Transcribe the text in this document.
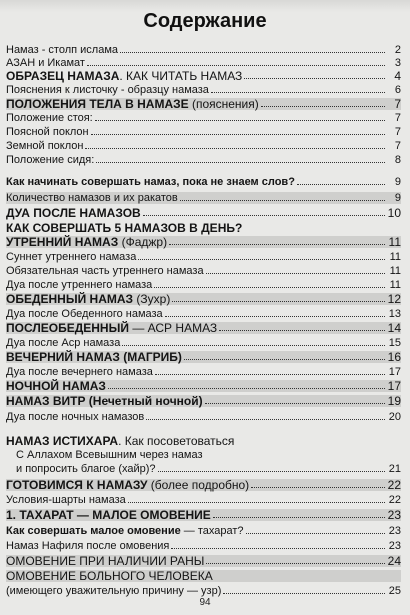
Содержание
Намаз - столп ислама	2
АЗАН и Икамат	3
ОБРАЗЕЦ НАМАЗА. КАК ЧИТАТЬ НАМАЗ	4
Пояснения к листочку - образцу намаза	6
ПОЛОЖЕНИЯ ТЕЛА В НАМАЗЕ (пояснения)	7
Положение стоя:	7
Поясной поклон	7
Земной поклон	7
Положение сидя:	8
Как начинать совершать намаз, пока не знаем слов?	9
Количество намазов и их ракатов	9
ДУА ПОСЛЕ НАМАЗОВ	10
КАК СОВЕРШАТЬ 5 НАМАЗОВ В ДЕНЬ?
УТРЕННИЙ НАМАЗ (Фаджр)	11
Суннет утреннего намаза	11
Обязательная часть утреннего намаза	11
Дуа после утреннего намаза	11
ОБЕДЕННЫЙ НАМАЗ (Зухр)	12
Дуа после Обеденного намаза	13
ПОСЛЕОБЕДЕННЫЙ — АСР НАМАЗ	14
Дуа после Аср намаза	15
ВЕЧЕРНИЙ НАМАЗ (МАГРИБ)	16
Дуа после вечернего намаза	17
НОЧНОЙ НАМАЗ	17
НАМАЗ ВИТР (Нечетный ночной)	19
Дуа после ночных намазов	20
НАМАЗ ИСТИХАРА. Как посоветоваться
С Аллахом Всевышним через намаз
и попросить благое (хайр)?	21
ГОТОВИМСЯ К НАМАЗУ (более подробно)	22
Условия-шарты намаза	22
1. ТАХАРАТ — МАЛОЕ ОМОВЕНИЕ	23
Как совершать малое омовение — тахарат?	23
Намаз Нафиля после омовения	23
ОМОВЕНИЕ ПРИ НАЛИЧИИ РАНЫ	24
ОМОВЕНИЕ БОЛЬНОГО ЧЕЛОВЕКА
(имеющего уважительную причину — узр)	25
94
